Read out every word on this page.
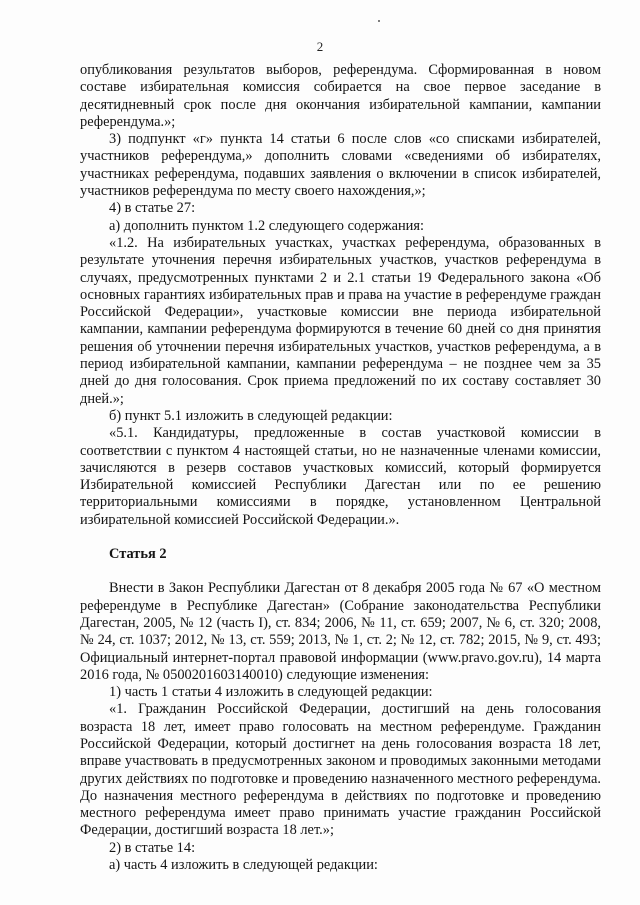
2

опубликования результатов выборов, референдума. Сформированная в новом составе избирательная комиссия собирается на свое первое заседание в десятидневный срок после дня окончания избирательной кампании, кампании референдума.»;

3) подпункт «г» пункта 14 статьи 6 после слов «со списками избирателей, участников референдума,» дополнить словами «сведениями об избирателях, участниках референдума, подавших заявления о включении в список избирателей, участников референдума по месту своего нахождения,»;

4) в статье 27:

а) дополнить пунктом 1.2 следующего содержания:

«1.2. На избирательных участках, участках референдума, образованных в результате уточнения перечня избирательных участков, участков референдума в случаях, предусмотренных пунктами 2 и 2.1 статьи 19 Федерального закона «Об основных гарантиях избирательных прав и права на участие в референдуме граждан Российской Федерации», участковые комиссии вне периода избирательной кампании, кампании референдума формируются в течение 60 дней со дня принятия решения об уточнении перечня избирательных участков, участков референдума, а в период избирательной кампании, кампании референдума – не позднее чем за 35 дней до дня голосования. Срок приема предложений по их составу составляет 30 дней.»;

б) пункт 5.1 изложить в следующей редакции:

«5.1. Кандидатуры, предложенные в состав участковой комиссии в соответствии с пунктом 4 настоящей статьи, но не назначенные членами комиссии, зачисляются в резерв составов участковых комиссий, который формируется Избирательной комиссией Республики Дагестан или по ее решению территориальными комиссиями в порядке, установленном Центральной избирательной комиссией Российской Федерации.».

Статья 2

Внести в Закон Республики Дагестан от 8 декабря 2005 года № 67 «О местном референдуме в Республике Дагестан» (Собрание законодательства Республики Дагестан, 2005, № 12 (часть I), ст. 834; 2006, № 11, ст. 659; 2007, № 6, ст. 320; 2008, № 24, ст. 1037; 2012, № 13, ст. 559; 2013, № 1, ст. 2; № 12, ст. 782; 2015, № 9, ст. 493; Официальный интернет-портал правовой информации (www.pravo.gov.ru), 14 марта 2016 года, № 0500201603140010) следующие изменения:

1) часть 1 статьи 4 изложить в следующей редакции:

«1. Гражданин Российской Федерации, достигший на день голосования возраста 18 лет, имеет право голосовать на местном референдуме. Гражданин Российской Федерации, который достигнет на день голосования возраста 18 лет, вправе участвовать в предусмотренных законом и проводимых законными методами других действиях по подготовке и проведению назначенного местного референдума. До назначения местного референдума в действиях по подготовке и проведению местного референдума имеет право принимать участие гражданин Российской Федерации, достигший возраста 18 лет.»;

2) в статье 14:

а) часть 4 изложить в следующей редакции:
